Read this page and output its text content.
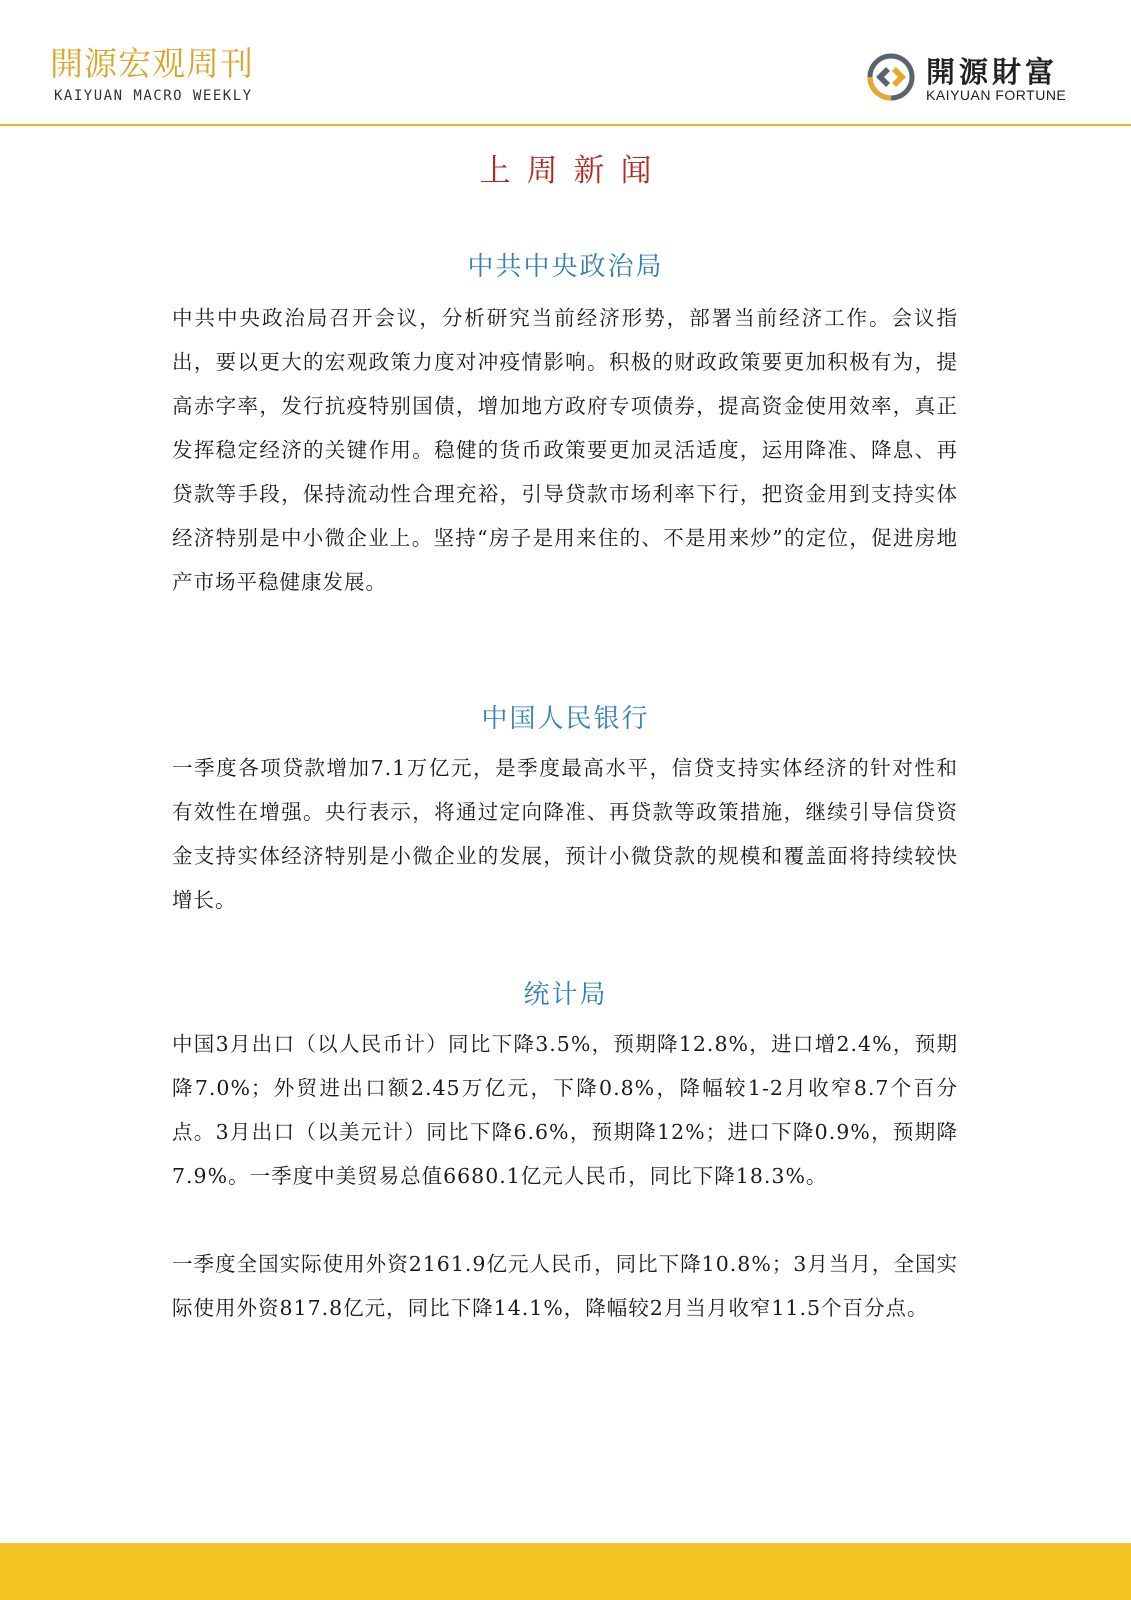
開源宏观周刊
KAIYUAN MACRO WEEKLY
開源財富
KAIYUAN FORTUNE
上周新闻
中共中央政治局
中共中央政治局召开会议，分析研究当前经济形势，部署当前经济工作。会议指出，要以更大的宏观政策力度对冲疫情影响。积极的财政政策要更加积极有为，提高赤字率，发行抗疫特别国债，增加地方政府专项债券，提高资金使用效率，真正发挥稳定经济的关键作用。稳健的货币政策要更加灵活适度，运用降准、降息、再贷款等手段，保持流动性合理充裕，引导贷款市场利率下行，把资金用到支持实体经济特别是中小微企业上。坚持“房子是用来住的、不是用来炒”的定位，促进房地产市场平稳健康发展。
中国人民银行
一季度各项贷款增加7.1万亿元，是季度最高水平，信贷支持实体经济的针对性和有效性在增强。央行表示，将通过定向降准、再贷款等政策措施，继续引导信贷资金支持实体经济特别是小微企业的发展，预计小微贷款的规模和覆盖面将持续较快增长。
统计局
中国3月出口（以人民币计）同比下降3.5%，预期降12.8%，进口增2.4%，预期降7.0%；外贸进出口额2.45万亿元，下降0.8%，降幅较1-2月收窄8.7个百分点。3月出口（以美元计）同比下降6.6%，预期降12%；进口下降0.9%，预期降7.9%。一季度中美贸易总值6680.1亿元人民币，同比下降18.3%。
一季度全国实际使用外资2161.9亿元人民币，同比下降10.8%；3月当月，全国实际使用外资817.8亿元，同比下降14.1%，降幅较2月当月收窄11.5个百分点。
